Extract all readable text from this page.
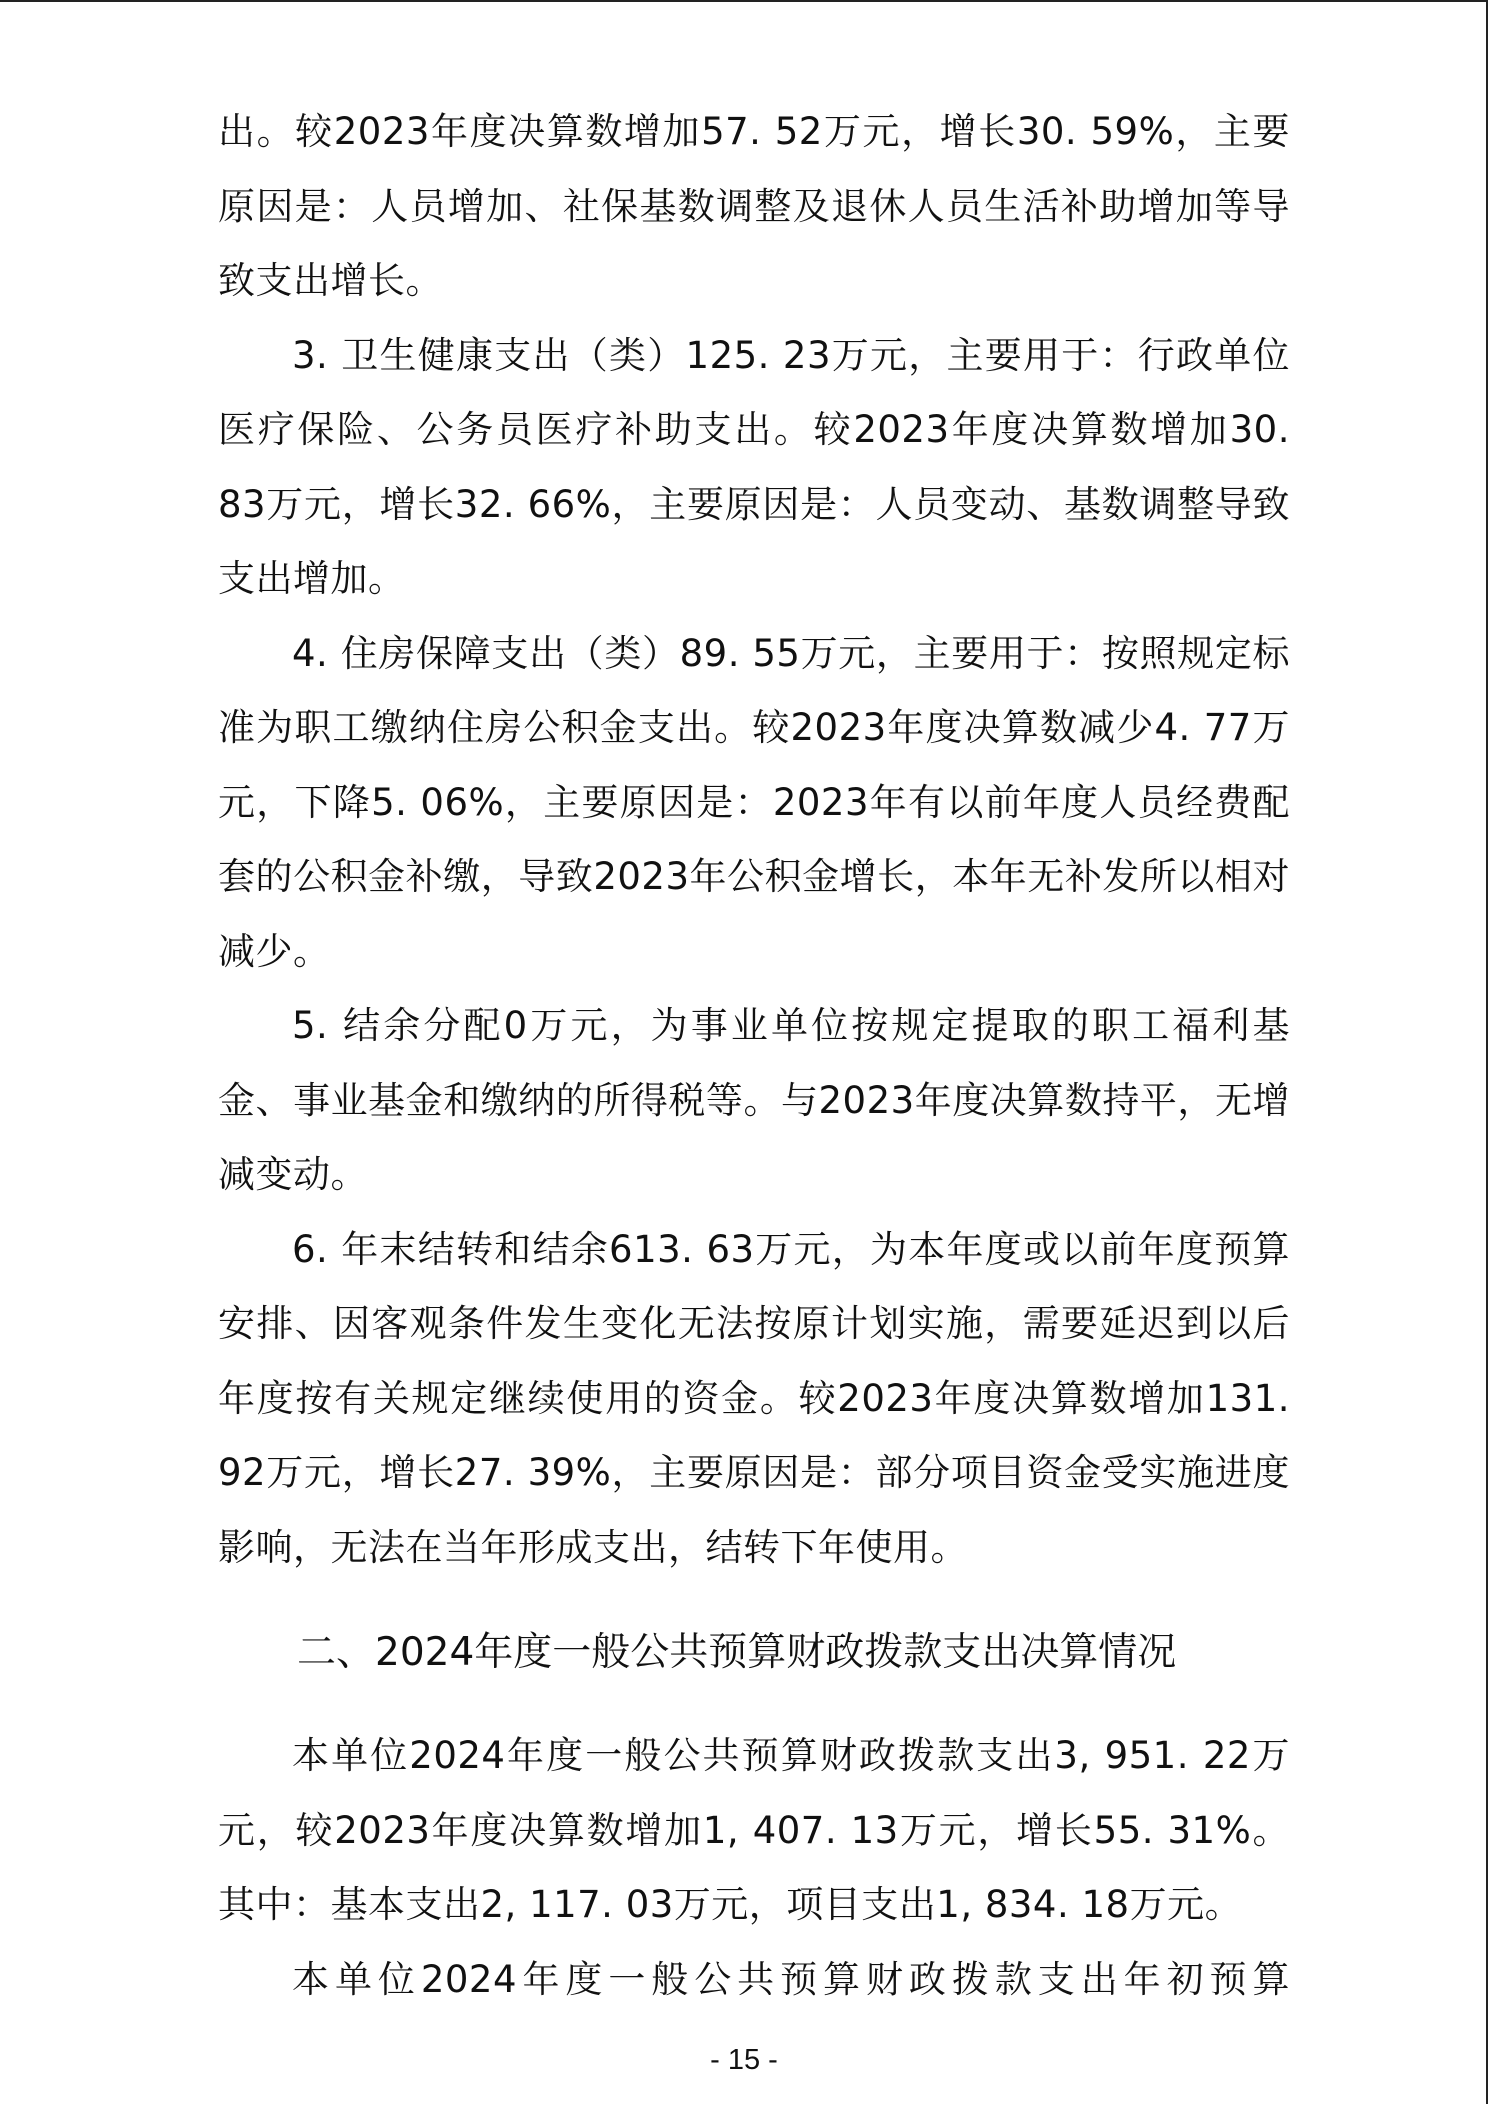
出。较2023年度决算数增加57. 52万元，增长30. 59%，主要原因是：人员增加、社保基数调整及退休人员生活补助增加等导致支出增长。

3. 卫生健康支出（类）125. 23万元，主要用于：行政单位医疗保险、公务员医疗补助支出。较2023年度决算数增加30. 83万元，增长32. 66%，主要原因是：人员变动、基数调整导致支出增加。

4. 住房保障支出（类）89. 55万元，主要用于：按照规定标准为职工缴纳住房公积金支出。较2023年度决算数减少4. 77万元，下降5. 06%，主要原因是：2023年有以前年度人员经费配套的公积金补缴，导致2023年公积金增长，本年无补发所以相对减少。

5. 结余分配0万元，为事业单位按规定提取的职工福利基金、事业基金和缴纳的所得税等。与2023年度决算数持平，无增减变动。

6. 年末结转和结余613. 63万元，为本年度或以前年度预算安排、因客观条件发生变化无法按原计划实施，需要延迟到以后年度按有关规定继续使用的资金。较2023年度决算数增加131. 92万元，增长27. 39%，主要原因是：部分项目资金受实施进度影响，无法在当年形成支出，结转下年使用。

二、2024年度一般公共预算财政拨款支出决算情况

本单位2024年度一般公共预算财政拨款支出3, 951. 22万元，较2023年度决算数增加1, 407. 13万元，增长55. 31%。其中：基本支出2, 117. 03万元，项目支出1, 834. 18万元。

本单位2024年度一般公共预算财政拨款支出年初预算

- 15 -
